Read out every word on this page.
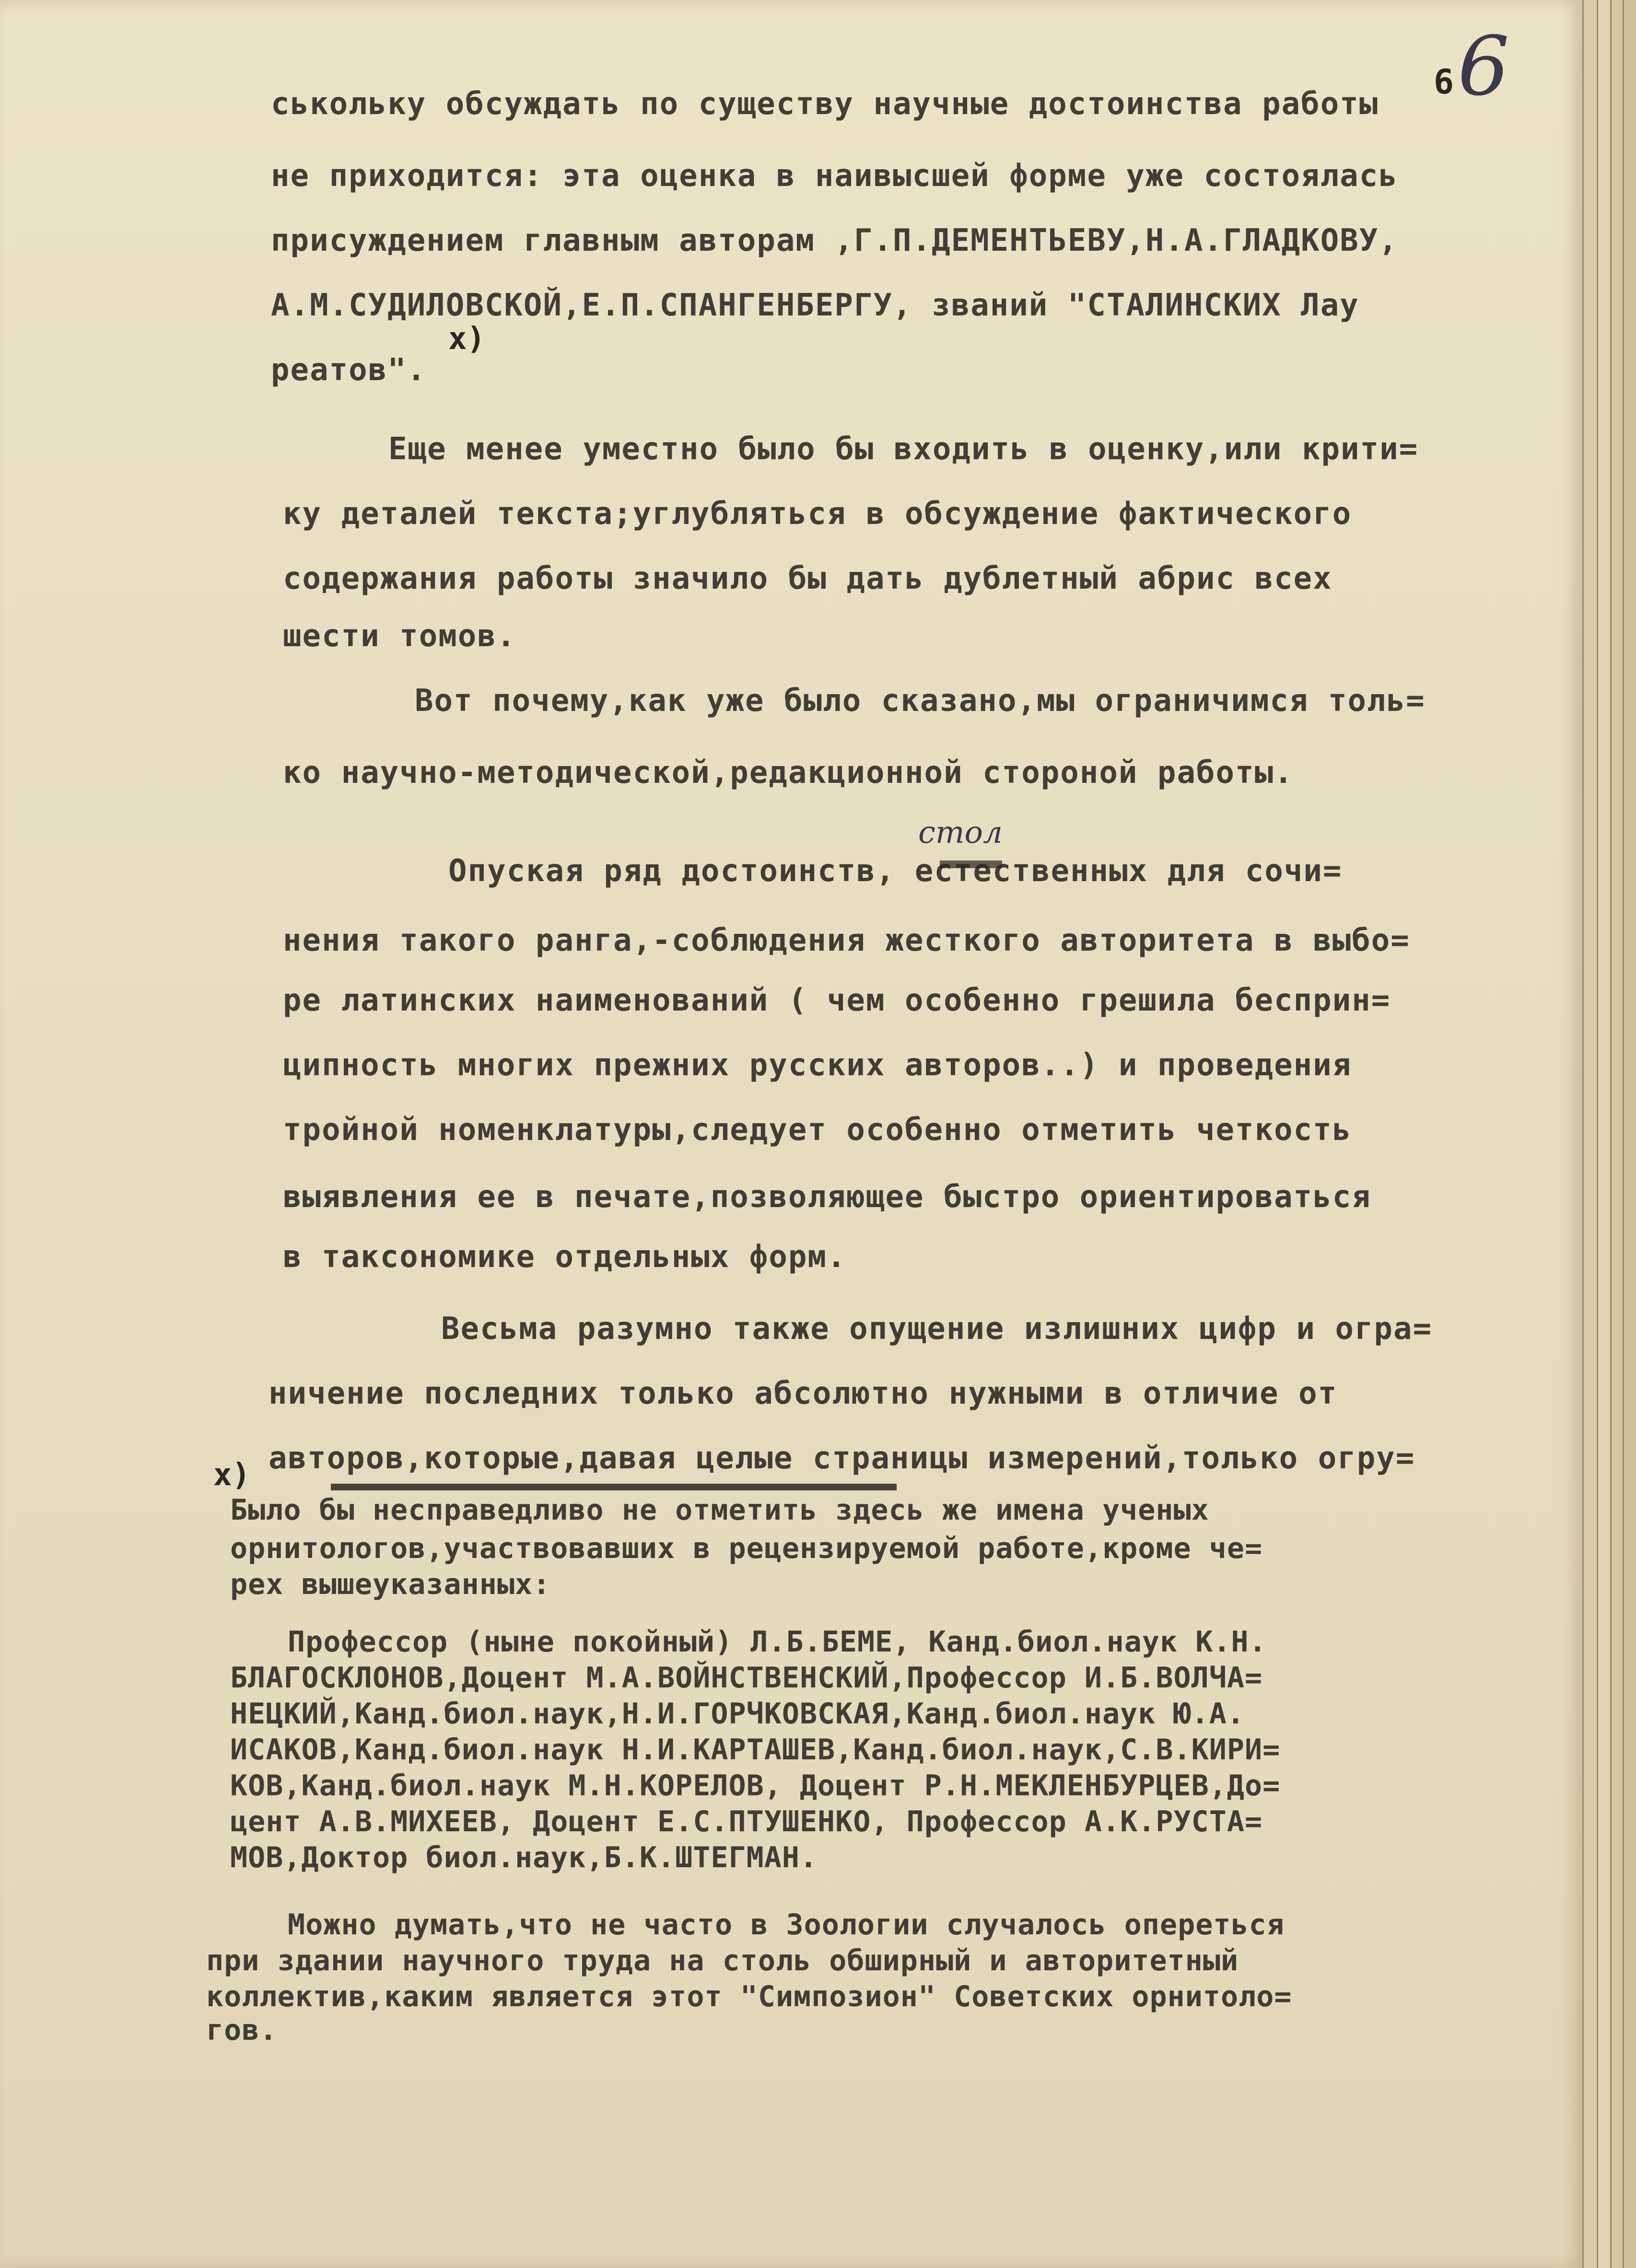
6 6
ськольку обсуждать по существу научные достоинства работы
не приходится: эта оценка в наивысшей форме уже состоялась
присуждением главным авторам ,Г.П.ДЕМЕНТЬЕВУ,Н.А.ГЛАДКОВУ,
А.М.СУДИЛОВСКОЙ,Е.П.СПАНГЕНБЕРГУ, званий "СТАЛИНСКИХ Лау
х)
реатов".
Еще менее уместно было бы входить в оценку,или крити=
ку деталей текста;углубляться в обсуждение фактического
содержания работы значило бы дать дублетный абрис всех
шести томов.
Вот почему,как уже было сказано,мы ограничимся толь=
ко научно-методической,редакционной стороной работы.
стол
Опуская ряд достоинств, естественных для сочи=
нения такого ранга,-соблюдения жесткого авторитета в выбо=
ре латинских наименований ( чем особенно грешила бесприн=
ципность многих прежних русских авторов..) и проведения
тройной номенклатуры,следует особенно отметить четкость
выявления ее в печате,позволяющее быстро ориентироваться
в таксономике отдельных форм.
Весьма разумно также опущение излишних цифр и огра=
ничение последних только абсолютно нужными в отличие от
авторов,которые,давая целые страницы измерений,только огру=
х)
Было бы несправедливо не отметить здесь же имена ученых
орнитологов,участвовавших в рецензируемой работе,кроме че=
рех вышеуказанных:
Профессор (ныне покойный) Л.Б.БЕМЕ, Канд.биол.наук К.Н.
БЛАГОСКЛОНОВ,Доцент М.А.ВОЙНСТВЕНСКИЙ,Профессор И.Б.ВОЛЧА=
НЕЦКИЙ,Канд.биол.наук,Н.И.ГОРЧКОВСКАЯ,Канд.биол.наук Ю.А.
ИСАКОВ,Канд.биол.наук Н.И.КАРТАШЕВ,Канд.биол.наук,С.В.КИРИ=
КОВ,Канд.биол.наук М.Н.КОРЕЛОВ, Доцент Р.Н.МЕКЛЕНБУРЦЕВ,До=
цент А.В.МИХЕЕВ, Доцент Е.С.ПТУШЕНКО, Профессор А.К.РУСТА=
МОВ,Доктор биол.наук,Б.К.ШТЕГМАН.
Можно думать,что не часто в Зоологии случалось опереться
при здании научного труда на столь обширный и авторитетный
коллектив,каким является этот "Симпозион" Советских орнитоло=
гов.
